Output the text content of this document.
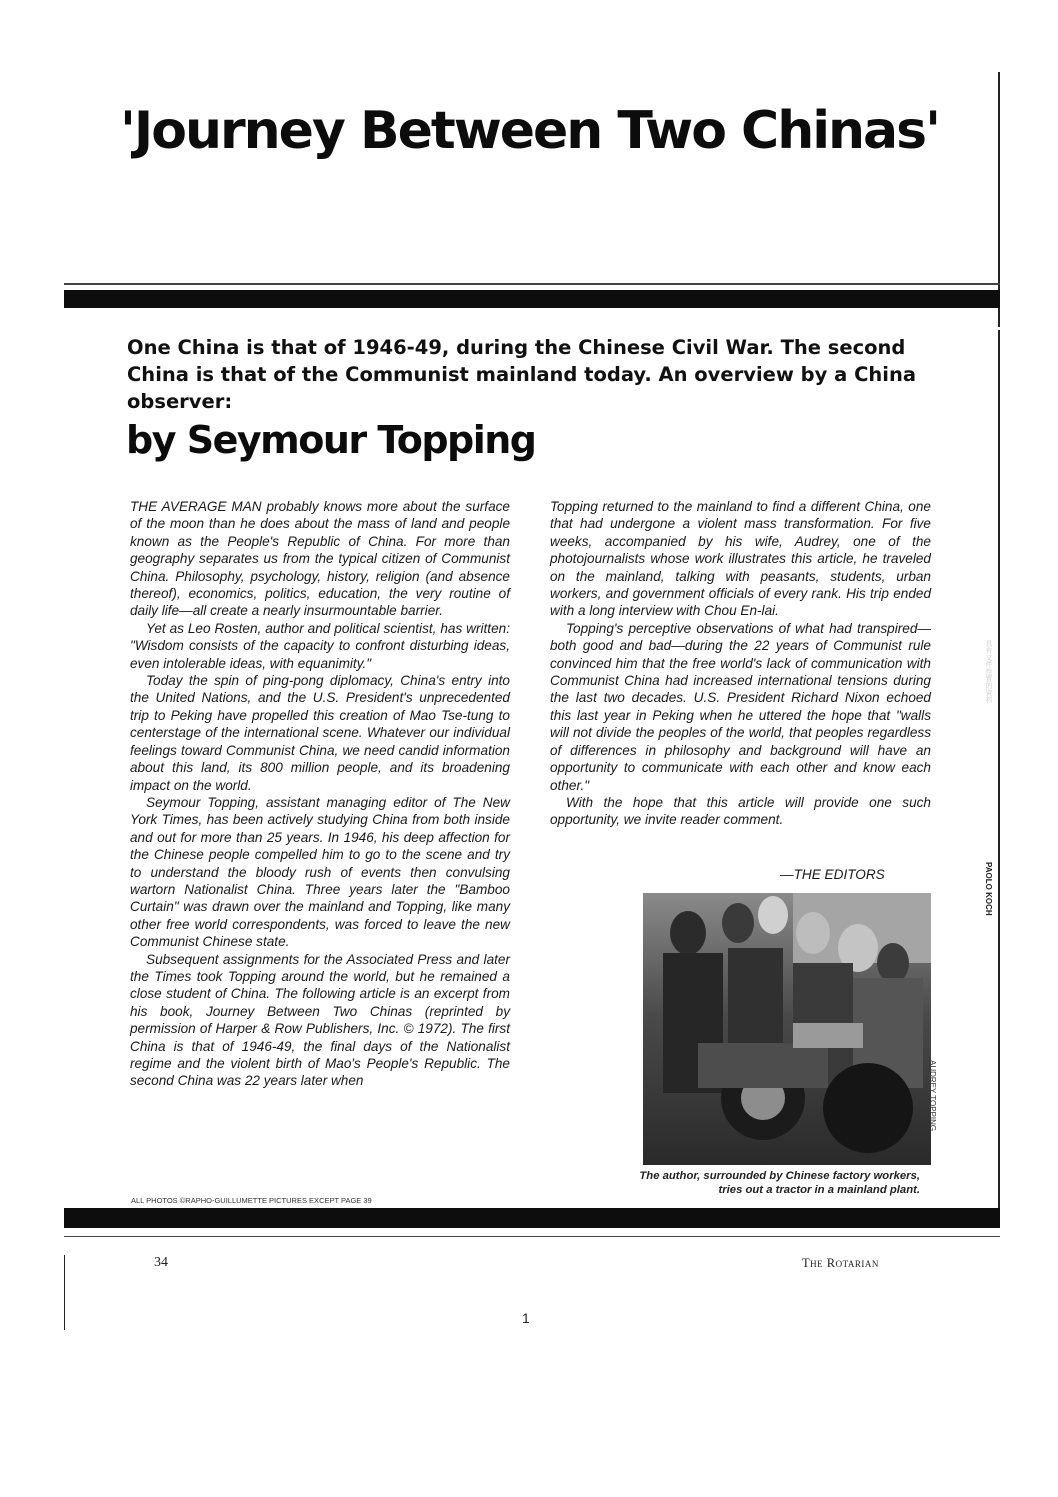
'Journey Between Two Chinas'
One China is that of 1946-49, during the Chinese Civil War. The second China is that of the Communist mainland today. An overview by a China observer:
by Seymour Topping

THE AVERAGE MAN probably knows more about the surface of the moon than he does about the mass of land and people known as the People's Republic of China. For more than geography separates us from the typical citizen of Communist China. Philosophy, psychology, history, religion (and absence thereof), economics, politics, education, the very routine of daily life—all create a nearly insurmountable barrier.

Yet as Leo Rosten, author and political scientist, has written: "Wisdom consists of the capacity to confront disturbing ideas, even intolerable ideas, with equanimity."

Today the spin of ping-pong diplomacy, China's entry into the United Nations, and the U.S. President's unprecedented trip to Peking have propelled this creation of Mao Tse-tung to centerstage of the international scene. Whatever our individual feelings toward Communist China, we need candid information about this land, its 800 million people, and its broadening impact on the world.

Seymour Topping, assistant managing editor of The New York Times, has been actively studying China from both inside and out for more than 25 years. In 1946, his deep affection for the Chinese people compelled him to go to the scene and try to understand the bloody rush of events then convulsing wartorn Nationalist China. Three years later the "Bamboo Curtain" was drawn over the mainland and Topping, like many other free world correspondents, was forced to leave the new Communist Chinese state.

Subsequent assignments for the Associated Press and later the Times took Topping around the world, but he remained a close student of China. The following article is an excerpt from his book, Journey Between Two Chinas (reprinted by permission of Harper & Row Publishers, Inc. © 1972). The first China is that of 1946-49, the final days of the Nationalist regime and the violent birth of Mao's People's Republic. The second China was 22 years later when

Topping returned to the mainland to find a different China, one that had undergone a violent mass transformation. For five weeks, accompanied by his wife, Audrey, one of the photojournalists whose work illustrates this article, he traveled on the mainland, talking with peasants, students, urban workers, and government officials of every rank. His trip ended with a long interview with Chou En-lai.

Topping's perceptive observations of what had transpired—both good and bad—during the 22 years of Communist rule convinced him that the free world's lack of communication with Communist China had increased international tensions during the last two decades. U.S. President Richard Nixon echoed this last year in Peking when he uttered the hope that "walls will not divide the peoples of the world, that peoples regardless of differences in philosophy and background will have an opportunity to communicate with each other and know each other."

With the hope that this article will provide one such opportunity, we invite reader comment.

—THE EDITORS
AUDREY TOPPING
PAOLO KOCH
The author, surrounded by Chinese factory workers, tries out a tractor in a mainland plant.
ALL PHOTOS ©RAPHO-GUILLUMETTE PICTURES EXCEPT PAGE 39
34	The Rotarian
1
具有文件性質的資料
